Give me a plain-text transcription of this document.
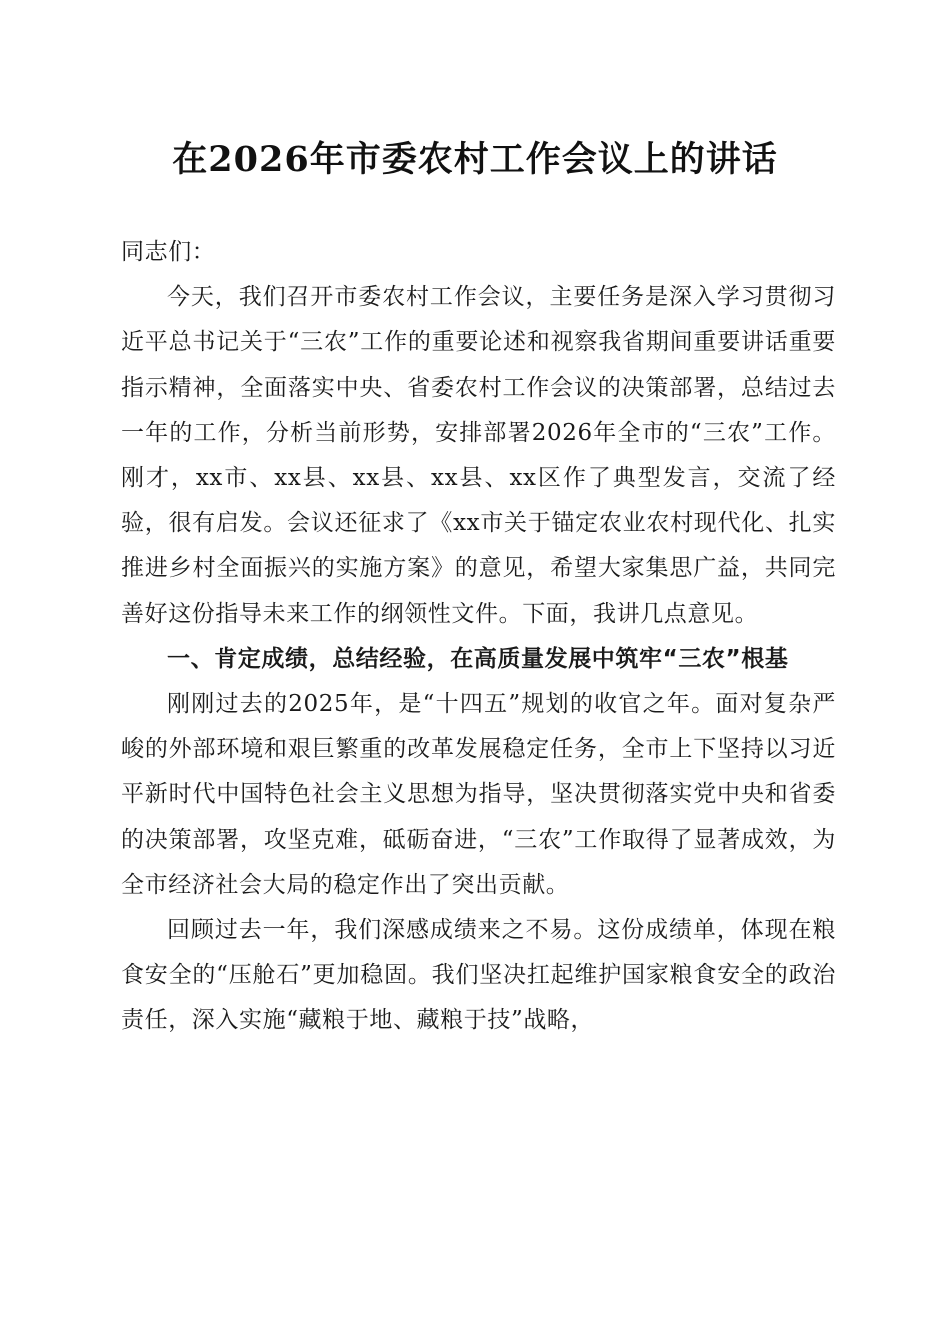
在2026年市委农村工作会议上的讲话

同志们：

今天，我们召开市委农村工作会议，主要任务是深入学习贯彻习近平总书记关于“三农”工作的重要论述和视察我省期间重要讲话重要指示精神，全面落实中央、省委农村工作会议的决策部署，总结过去一年的工作，分析当前形势，安排部署2026年全市的“三农”工作。刚才，xx市、xx县、xx县、xx县、xx区作了典型发言，交流了经验，很有启发。会议还征求了《xx市关于锚定农业农村现代化、扎实推进乡村全面振兴的实施方案》的意见，希望大家集思广益，共同完善好这份指导未来工作的纲领性文件。下面，我讲几点意见。

一、肯定成绩，总结经验，在高质量发展中筑牢“三农”根基

刚刚过去的2025年，是“十四五”规划的收官之年。面对复杂严峻的外部环境和艰巨繁重的改革发展稳定任务，全市上下坚持以习近平新时代中国特色社会主义思想为指导，坚决贯彻落实党中央和省委的决策部署，攻坚克难，砥砺奋进，“三农”工作取得了显著成效，为全市经济社会大局的稳定作出了突出贡献。

回顾过去一年，我们深感成绩来之不易。这份成绩单，体现在粮食安全的“压舱石”更加稳固。我们坚决扛起维护国家粮食安全的政治责任，深入实施“藏粮于地、藏粮于技”战略，
